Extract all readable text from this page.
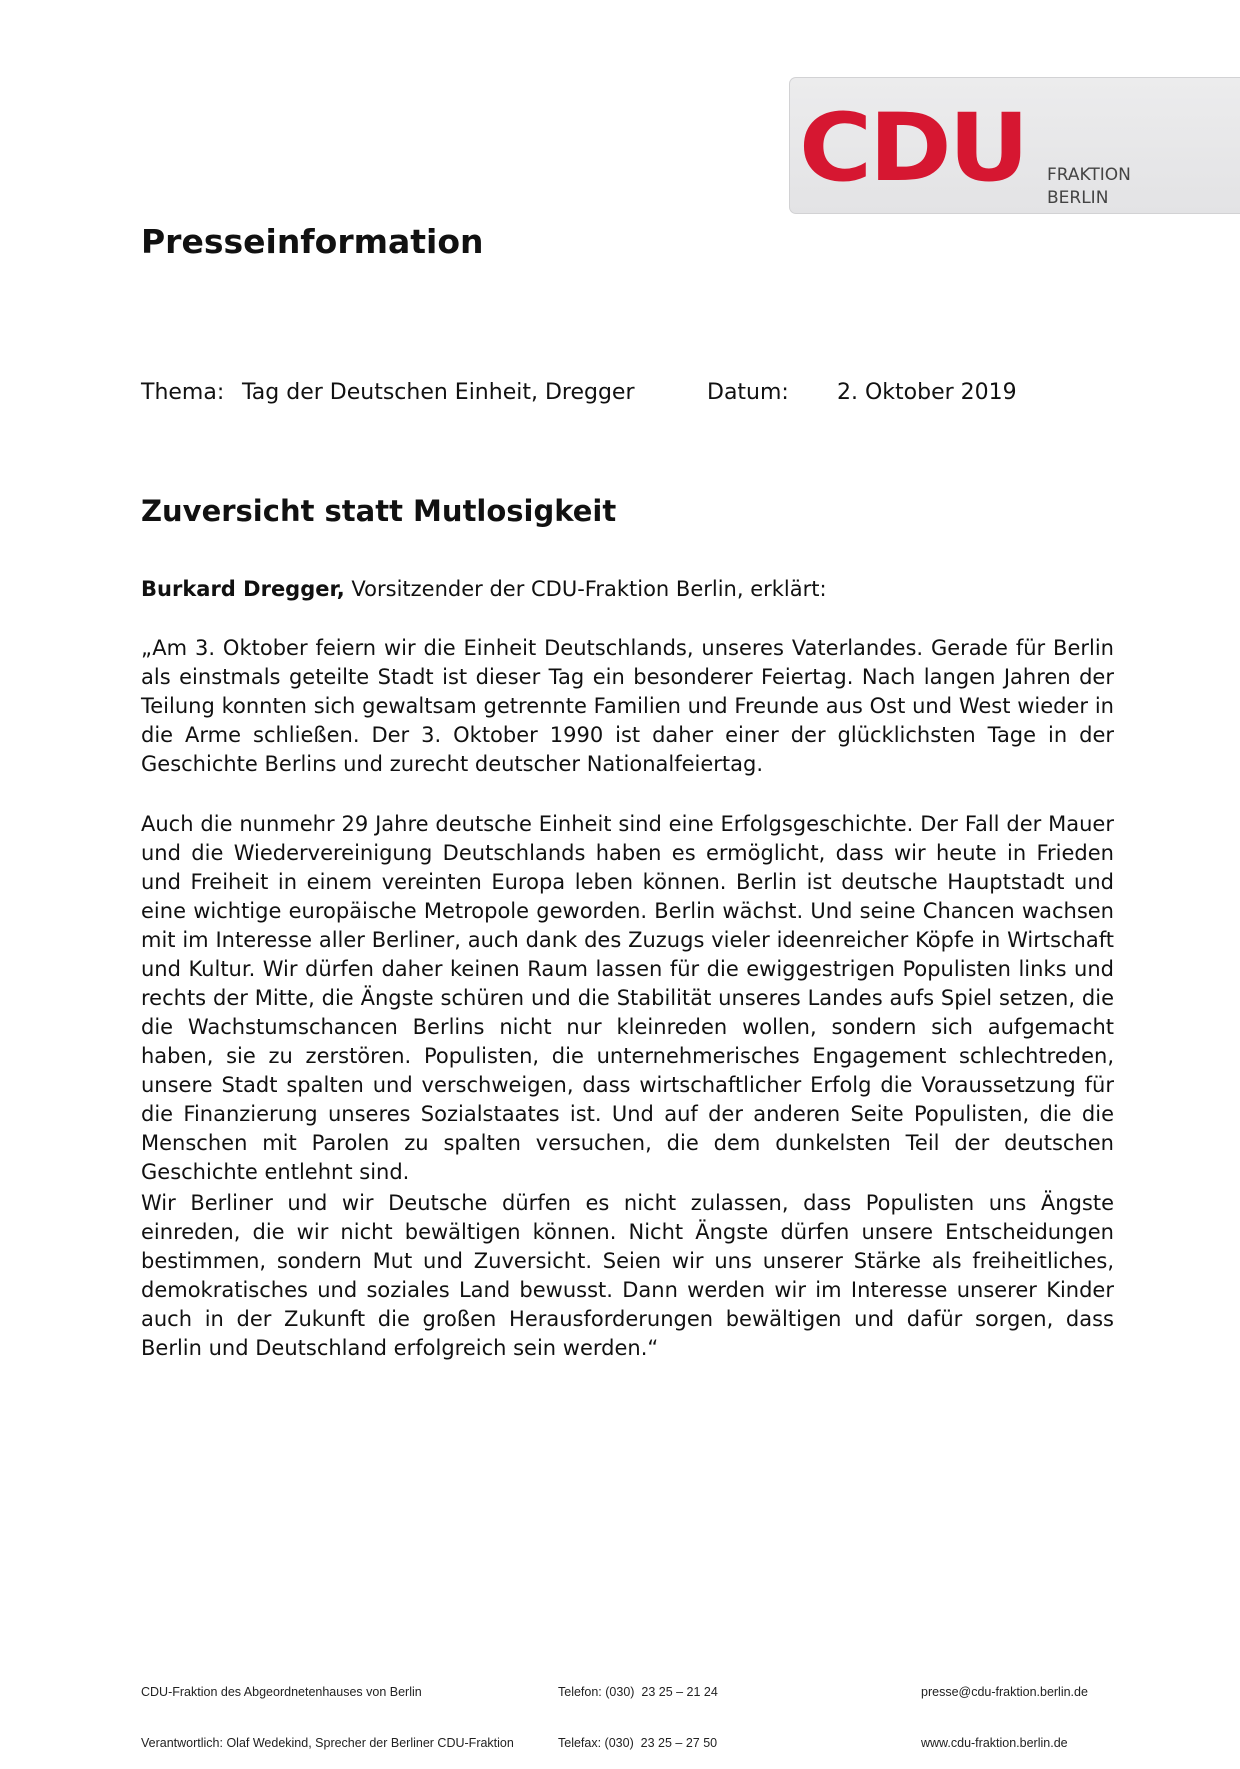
CDU FRAKTION
BERLIN
Presseinformation
Thema: Tag der Deutschen Einheit, Dregger	Datum: 2. Oktober 2019
Zuversicht statt Mutlosigkeit
Burkard Dregger, Vorsitzender der CDU-Fraktion Berlin, erklärt:

„Am 3. Oktober feiern wir die Einheit Deutschlands, unseres Vaterlandes. Gerade für Berlin als einstmals geteilte Stadt ist dieser Tag ein besonderer Feiertag. Nach langen Jahren der Teilung konnten sich gewaltsam getrennte Familien und Freunde aus Ost und West wieder in die Arme schließen. Der 3. Oktober 1990 ist daher einer der glücklichsten Tage in der Geschichte Berlins und zurecht deutscher Nationalfeiertag.

Auch die nunmehr 29 Jahre deutsche Einheit sind eine Erfolgsgeschichte. Der Fall der Mauer und die Wiedervereinigung Deutschlands haben es ermöglicht, dass wir heute in Frieden und Freiheit in einem vereinten Europa leben können. Berlin ist deutsche Hauptstadt und eine wichtige europäische Metropole geworden. Berlin wächst. Und seine Chancen wachsen mit im Interesse aller Berliner, auch dank des Zuzugs vieler ideenreicher Köpfe in Wirtschaft und Kultur. Wir dürfen daher keinen Raum lassen für die ewiggestrigen Populisten links und rechts der Mitte, die Ängste schüren und die Stabilität unseres Landes aufs Spiel setzen, die die Wachstumschancen Berlins nicht nur kleinreden wollen, sondern sich aufgemacht haben, sie zu zerstören. Populisten, die unternehmerisches Engagement schlechtreden, unsere Stadt spalten und verschweigen, dass wirtschaftlicher Erfolg die Voraussetzung für die Finanzierung unseres Sozialstaates ist. Und auf der anderen Seite Populisten, die die Menschen mit Parolen zu spalten versuchen, die dem dunkelsten Teil der deutschen Geschichte entlehnt sind.

Wir Berliner und wir Deutsche dürfen es nicht zulassen, dass Populisten uns Ängste einreden, die wir nicht bewältigen können. Nicht Ängste dürfen unsere Entscheidungen bestimmen, sondern Mut und Zuversicht. Seien wir uns unserer Stärke als freiheitliches, demokratisches und soziales Land bewusst. Dann werden wir im Interesse unserer Kinder auch in der Zukunft die großen Herausforderungen bewältigen und dafür sorgen, dass Berlin und Deutschland erfolgreich sein werden.“

CDU-Fraktion des Abgeordnetenhauses von Berlin

Verantwortlich: Olaf Wedekind, Sprecher der Berliner CDU-Fraktion

Telefon: (030)  23 25 – 21 24

Telefax: (030)  23 25 – 27 50

presse@cdu-fraktion.berlin.de

www.cdu-fraktion.berlin.de
